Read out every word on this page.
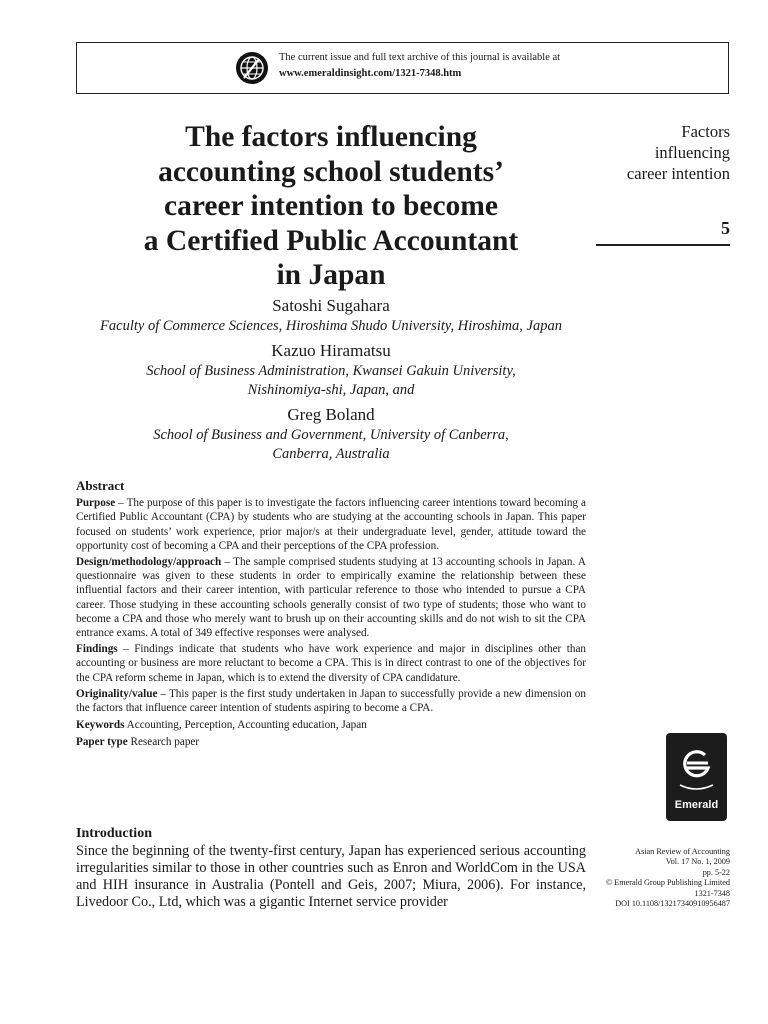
The current issue and full text archive of this journal is available at
www.emeraldinsight.com/1321-7348.htm
Factors
influencing
career intention
5
The factors influencing
accounting school students’
career intention to become
a Certified Public Accountant
in Japan
Satoshi Sugahara
Faculty of Commerce Sciences, Hiroshima Shudo University, Hiroshima, Japan
Kazuo Hiramatsu
School of Business Administration, Kwansei Gakuin University,
Nishinomiya-shi, Japan, and
Greg Boland
School of Business and Government, University of Canberra,
Canberra, Australia
Abstract

Purpose – The purpose of this paper is to investigate the factors influencing career intentions toward becoming a Certified Public Accountant (CPA) by students who are studying at the accounting schools in Japan. This paper focused on students’ work experience, prior major/s at their undergraduate level, gender, attitude toward the opportunity cost of becoming a CPA and their perceptions of the CPA profession.

Design/methodology/approach – The sample comprised students studying at 13 accounting schools in Japan. A questionnaire was given to these students in order to empirically examine the relationship between these influential factors and their career intention, with particular reference to those who intended to pursue a CPA career. Those studying in these accounting schools generally consist of two type of students; those who want to become a CPA and those who merely want to brush up on their accounting skills and do not wish to sit the CPA entrance exams. A total of 349 effective responses were analysed.

Findings – Findings indicate that students who have work experience and major in disciplines other than accounting or business are more reluctant to become a CPA. This is in direct contrast to one of the objectives for the CPA reform scheme in Japan, which is to extend the diversity of CPA candidature.

Originality/value – This paper is the first study undertaken in Japan to successfully provide a new dimension on the factors that influence career intention of students aspiring to become a CPA.

Keywords Accounting, Perception, Accounting education, Japan

Paper type Research paper

Emerald
Introduction

Since the beginning of the twenty-first century, Japan has experienced serious accounting irregularities similar to those in other countries such as Enron and WorldCom in the USA and HIH insurance in Australia (Pontell and Geis, 2007; Miura, 2006). For instance, Livedoor Co., Ltd, which was a gigantic Internet service provider

Asian Review of Accounting
Vol. 17 No. 1, 2009
pp. 5-22
© Emerald Group Publishing Limited
1321-7348
DOI 10.1108/13217340910956487
